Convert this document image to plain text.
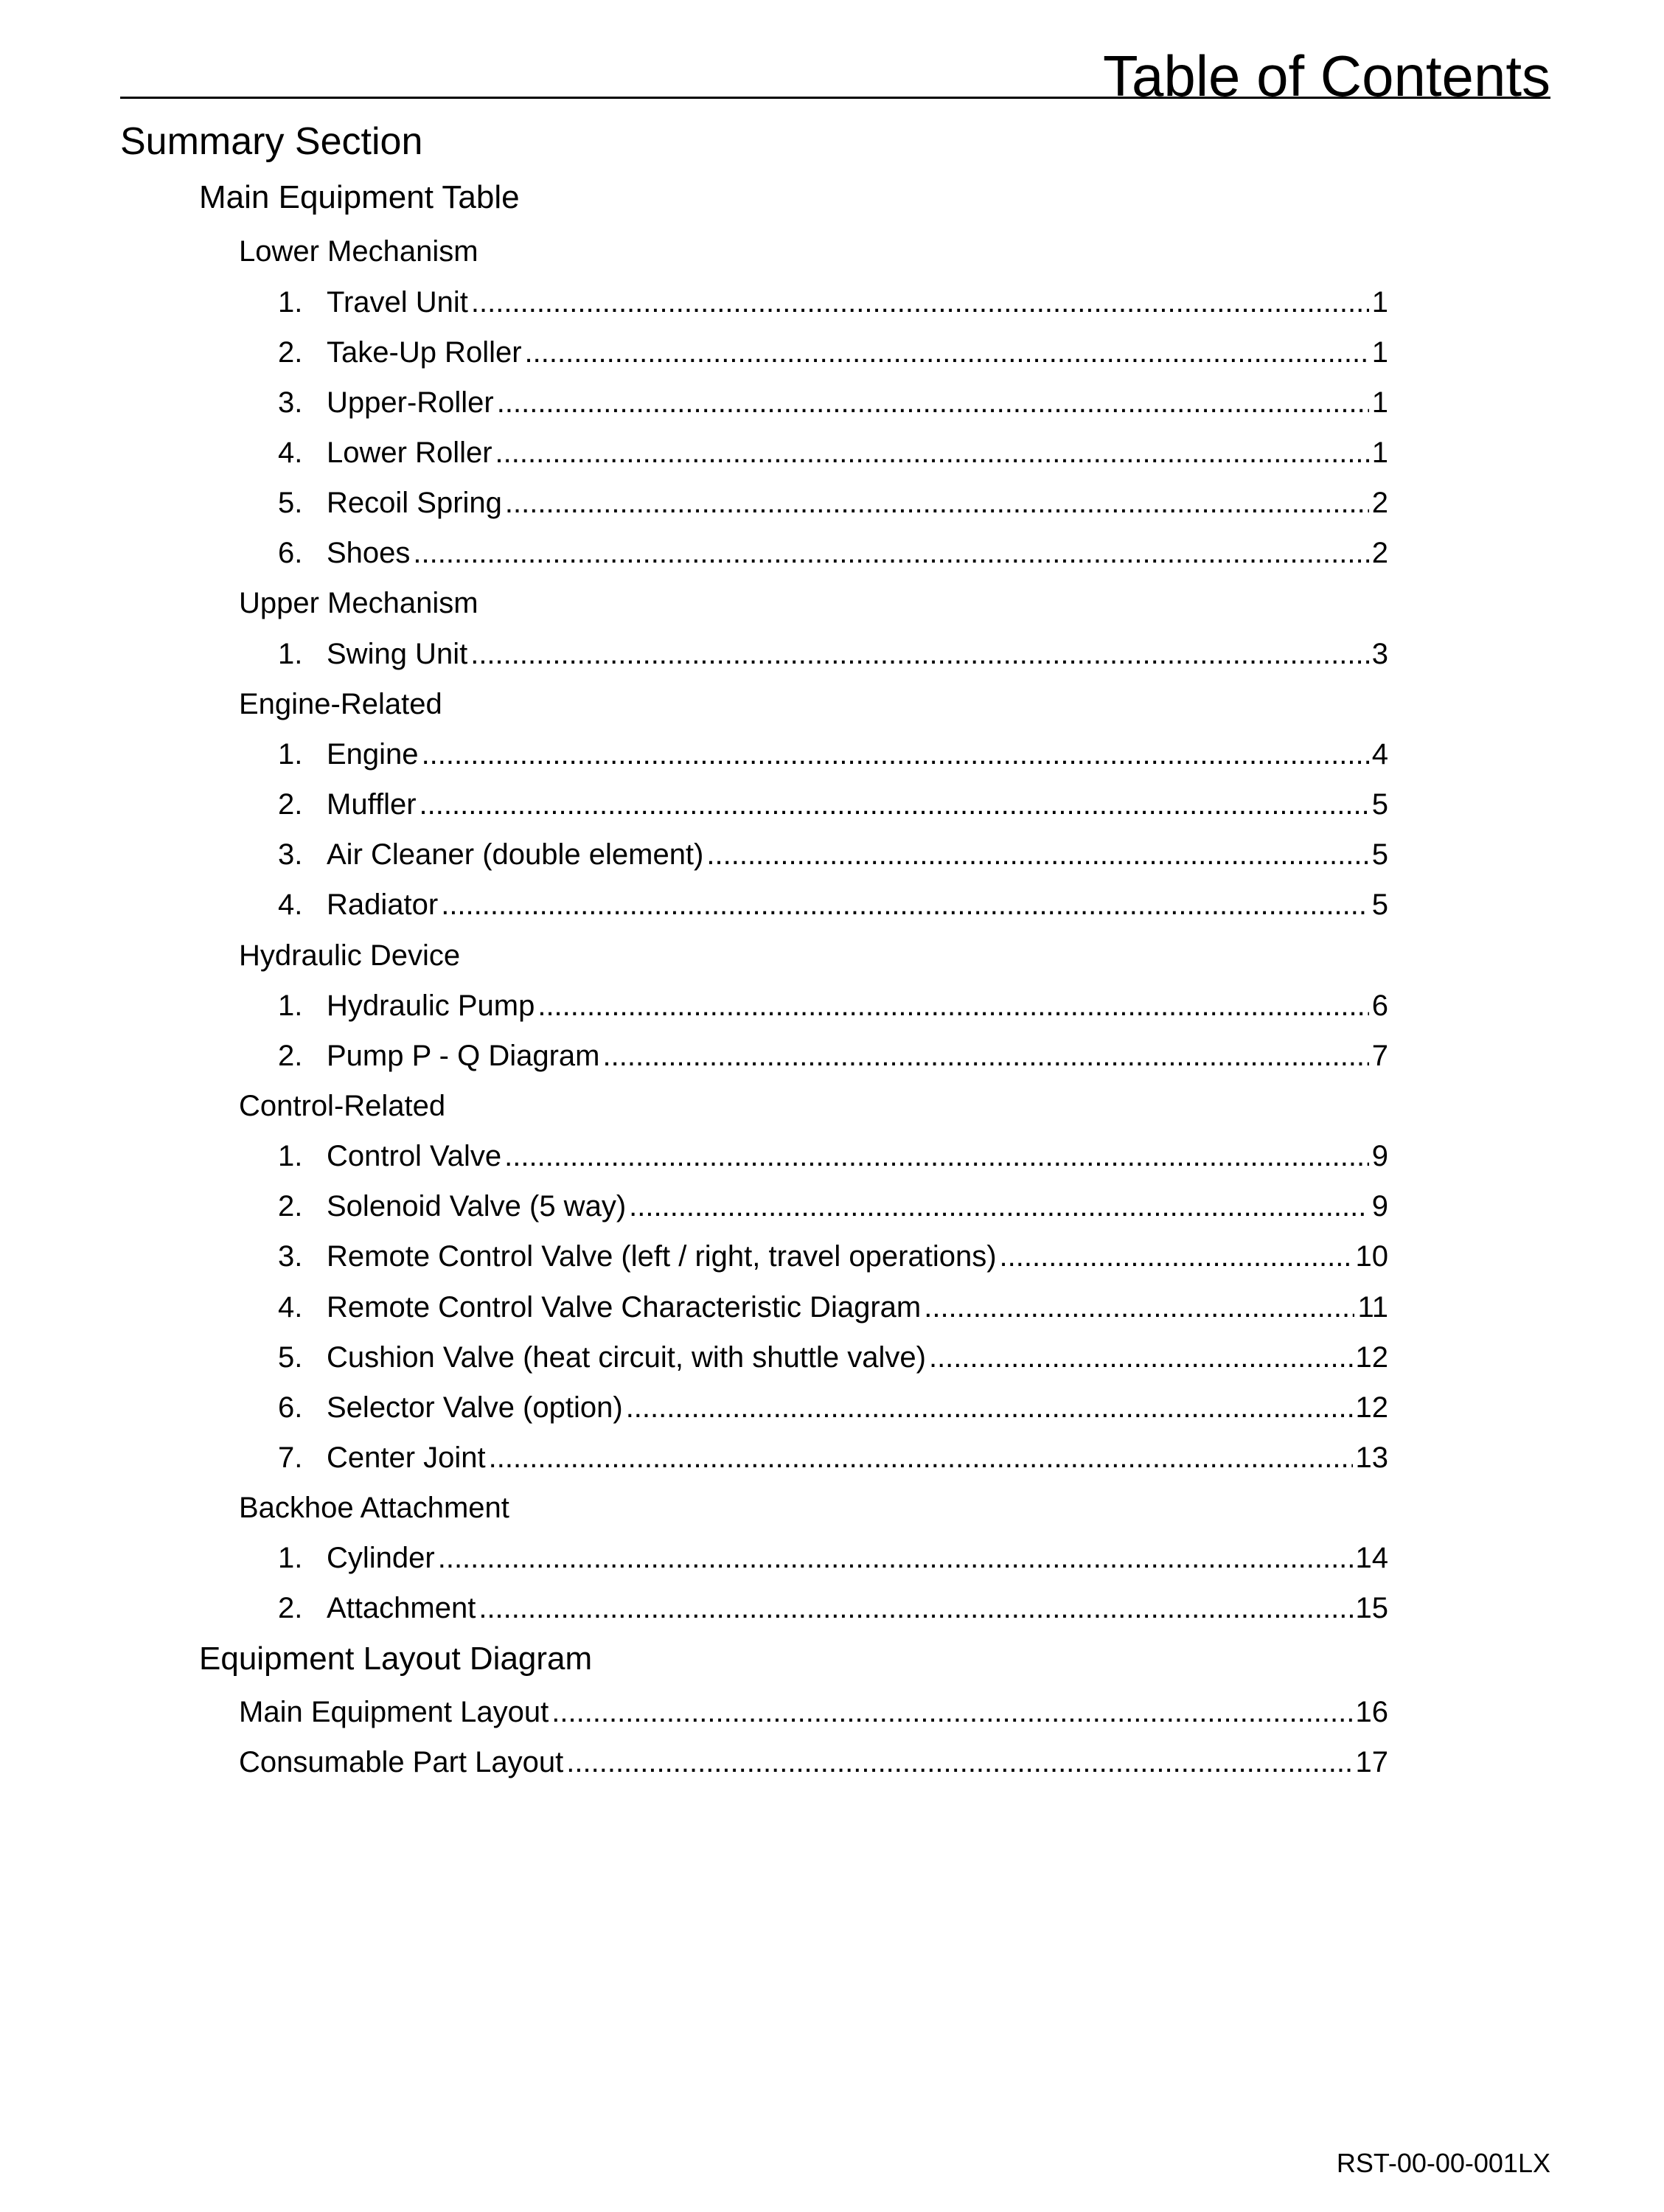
Table of Contents
Summary Section
Main Equipment Table
Lower Mechanism
1. Travel Unit .....	1
2. Take-Up Roller .....	1
3. Upper-Roller .....	1
4. Lower Roller .....	1
5. Recoil Spring .....	2
6. Shoes .....	2
Upper Mechanism
1. Swing Unit .....	3
Engine-Related
1. Engine .....	4
2. Muffler .....	5
3. Air Cleaner (double element) .....	5
4. Radiator .....	5
Hydraulic Device
1. Hydraulic Pump .....	6
2. Pump P - Q Diagram .....	7
Control-Related
1. Control Valve .....	9
2. Solenoid Valve (5 way) .....	9
3. Remote Control Valve (left / right, travel operations) .....	10
4. Remote Control Valve Characteristic Diagram .....	11
5. Cushion Valve (heat circuit, with shuttle valve) .....	12
6. Selector Valve (option) .....	12
7. Center Joint .....	13
Backhoe Attachment
1. Cylinder .....	14
2. Attachment .....	15
Equipment Layout Diagram
Main Equipment Layout .....	16
Consumable Part Layout .....	17
RST-00-00-001LX
